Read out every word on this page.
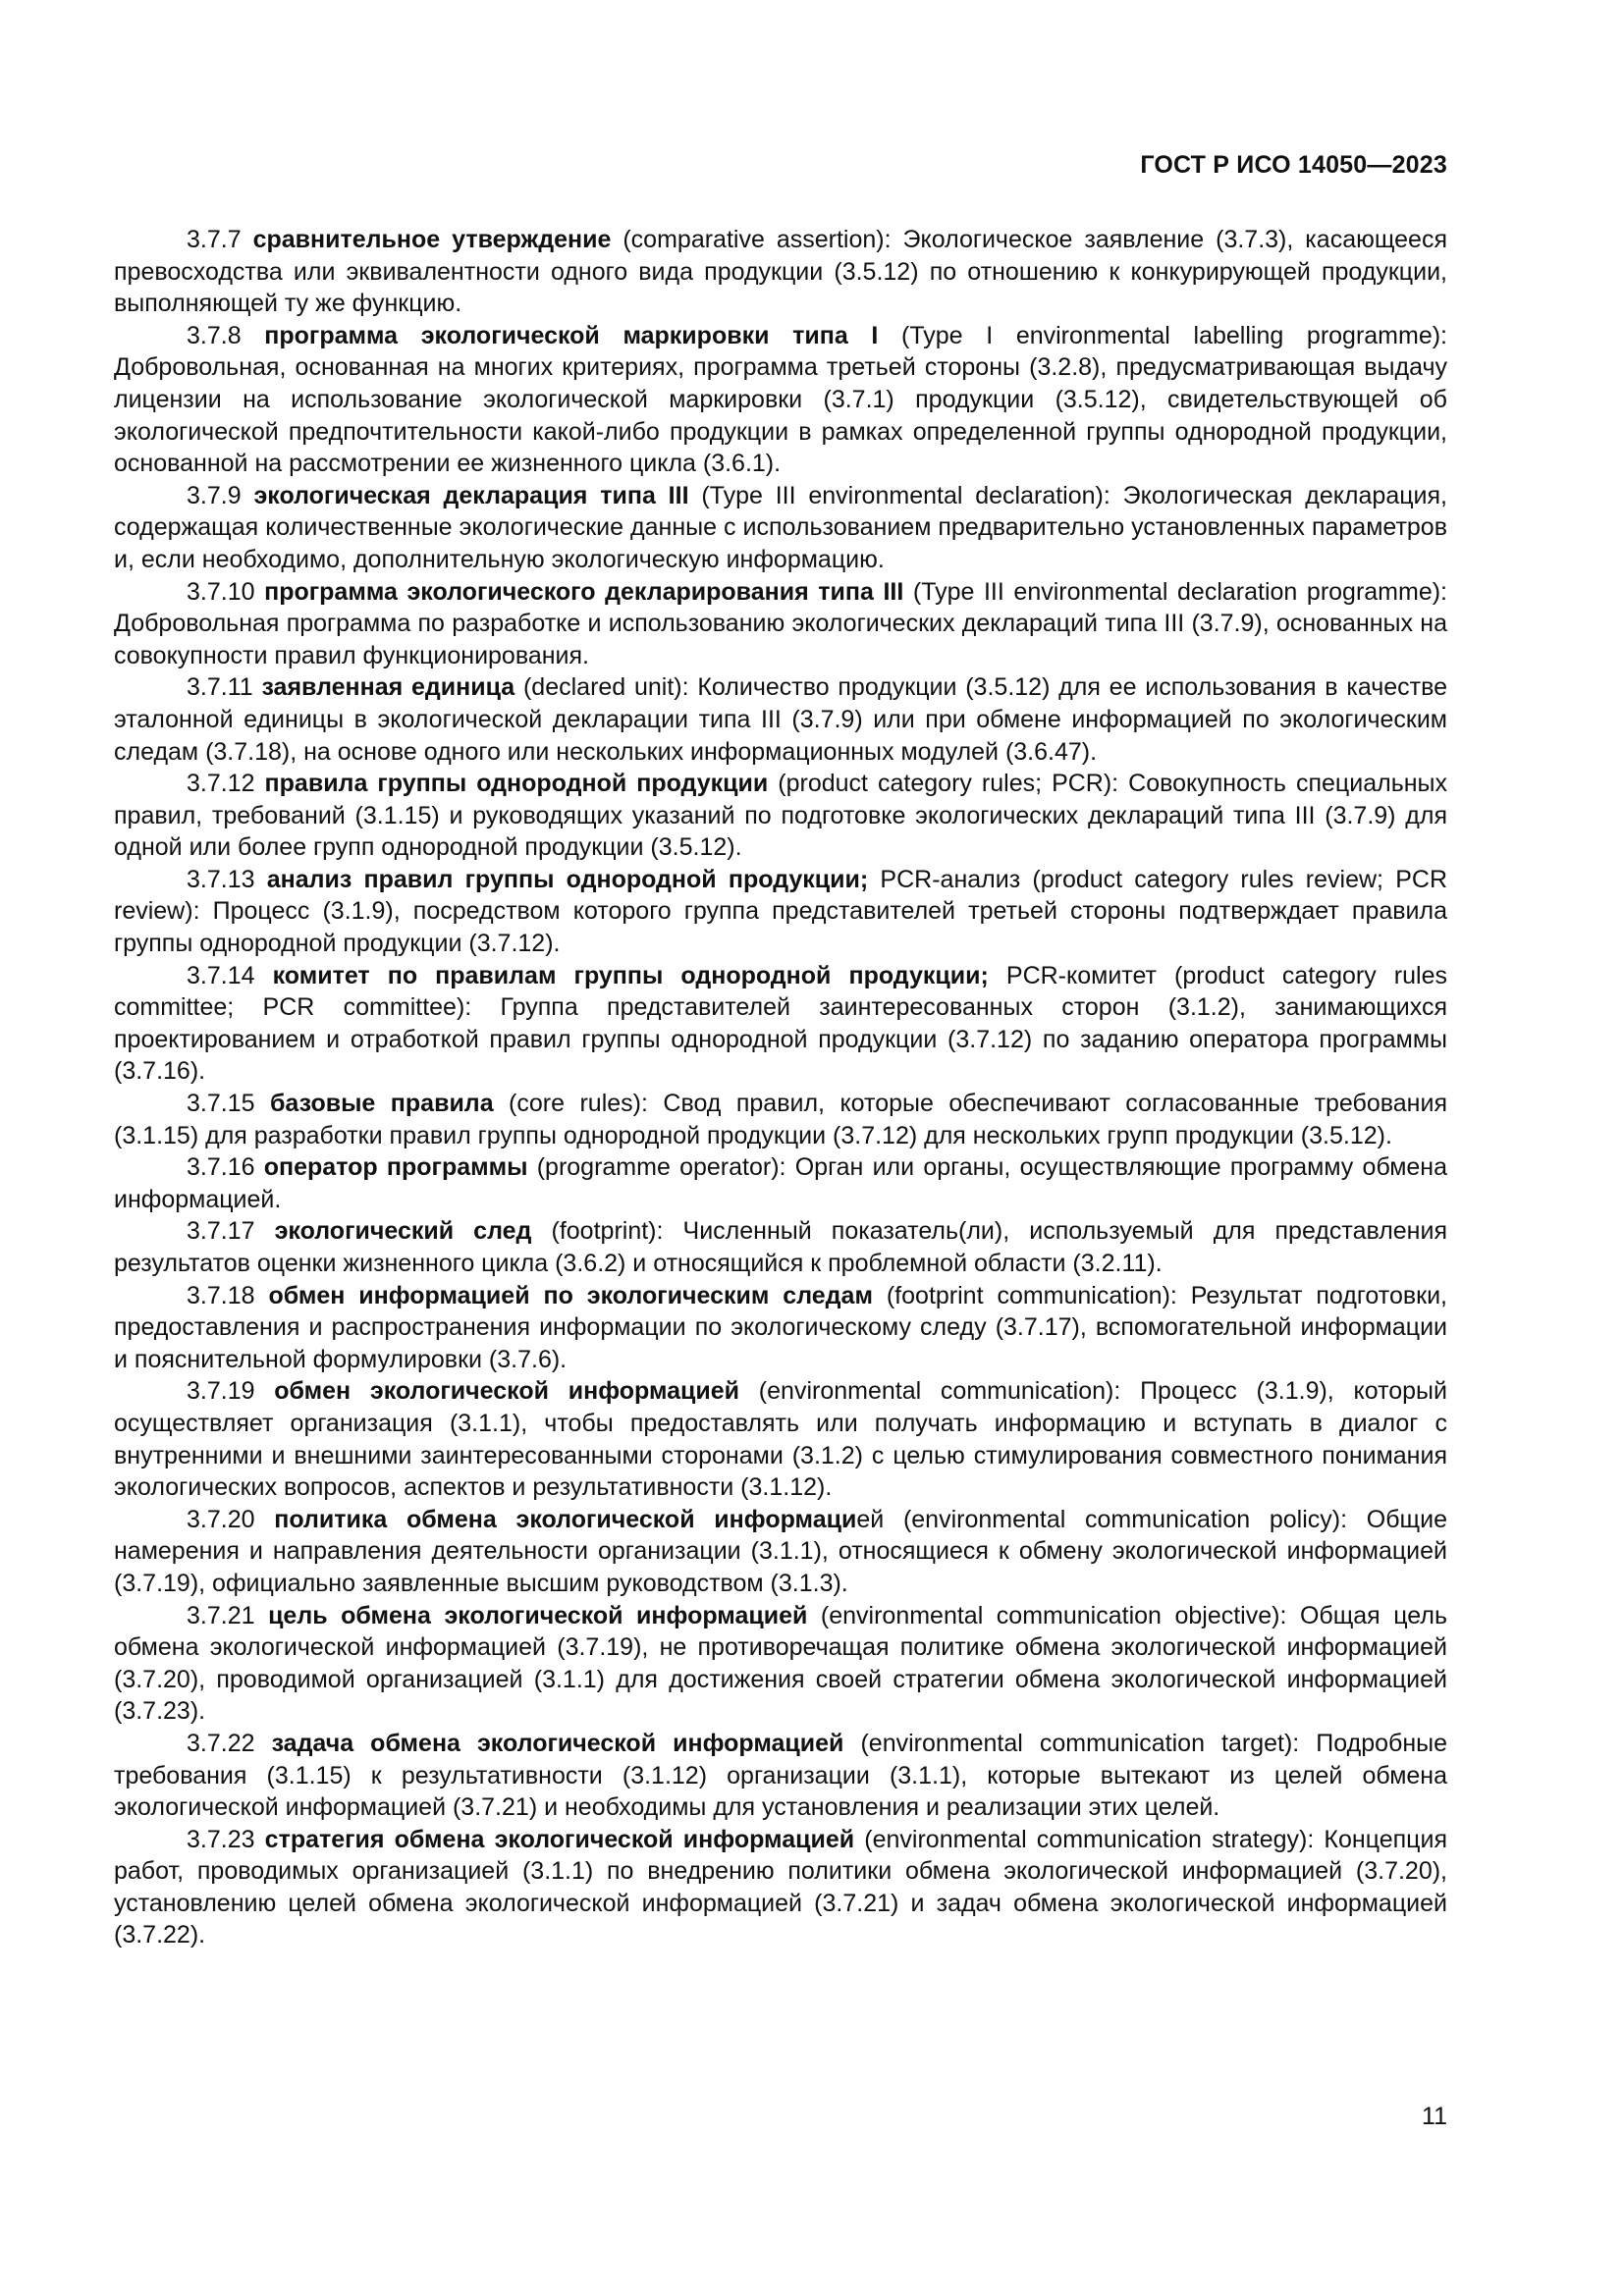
ГОСТ Р ИСО 14050—2023

3.7.7 сравнительное утверждение (comparative assertion): Экологическое заявление (3.7.3), касающееся превосходства или эквивалентности одного вида продукции (3.5.12) по отношению к конкурирующей продукции, выполняющей ту же функцию.

3.7.8 программа экологической маркировки типа I (Type I environmental labelling programme): Добровольная, основанная на многих критериях, программа третьей стороны (3.2.8), предусматривающая выдачу лицензии на использование экологической маркировки (3.7.1) продукции (3.5.12), свидетельствующей об экологической предпочтительности какой-либо продукции в рамках определенной группы однородной продукции, основанной на рассмотрении ее жизненного цикла (3.6.1).

3.7.9 экологическая декларация типа III (Type III environmental declaration): Экологическая декларация, содержащая количественные экологические данные с использованием предварительно установленных параметров и, если необходимо, дополнительную экологическую информацию.

3.7.10 программа экологического декларирования типа III (Type III environmental declaration programme): Добровольная программа по разработке и использованию экологических деклараций типа III (3.7.9), основанных на совокупности правил функционирования.

3.7.11 заявленная единица (declared unit): Количество продукции (3.5.12) для ее использования в качестве эталонной единицы в экологической декларации типа III (3.7.9) или при обмене информацией по экологическим следам (3.7.18), на основе одного или нескольких информационных модулей (3.6.47).

3.7.12 правила группы однородной продукции (product category rules; PCR): Совокупность специальных правил, требований (3.1.15) и руководящих указаний по подготовке экологических деклараций типа III (3.7.9) для одной или более групп однородной продукции (3.5.12).

3.7.13 анализ правил группы однородной продукции; PCR-анализ (product category rules review; PCR review): Процесс (3.1.9), посредством которого группа представителей третьей стороны подтверждает правила группы однородной продукции (3.7.12).

3.7.14 комитет по правилам группы однородной продукции; PCR-комитет (product category rules committee; PCR committee): Группа представителей заинтересованных сторон (3.1.2), занимающихся проектированием и отработкой правил группы однородной продукции (3.7.12) по заданию оператора программы (3.7.16).

3.7.15 базовые правила (core rules): Свод правил, которые обеспечивают согласованные требования (3.1.15) для разработки правил группы однородной продукции (3.7.12) для нескольких групп продукции (3.5.12).

3.7.16 оператор программы (programme operator): Орган или органы, осуществляющие программу обмена информацией.

3.7.17 экологический след (footprint): Численный показатель(ли), используемый для представления результатов оценки жизненного цикла (3.6.2) и относящийся к проблемной области (3.2.11).

3.7.18 обмен информацией по экологическим следам (footprint communication): Результат подготовки, предоставления и распространения информации по экологическому следу (3.7.17), вспомогательной информации и пояснительной формулировки (3.7.6).

3.7.19 обмен экологической информацией (environmental communication): Процесс (3.1.9), который осуществляет организация (3.1.1), чтобы предоставлять или получать информацию и вступать в диалог с внутренними и внешними заинтересованными сторонами (3.1.2) с целью стимулирования совместного понимания экологических вопросов, аспектов и результативности (3.1.12).

3.7.20 политика обмена экологической информацией (environmental communication policy): Общие намерения и направления деятельности организации (3.1.1), относящиеся к обмену экологической информацией (3.7.19), официально заявленные высшим руководством (3.1.3).

3.7.21 цель обмена экологической информацией (environmental communication objective): Общая цель обмена экологической информацией (3.7.19), не противоречащая политике обмена экологической информацией (3.7.20), проводимой организацией (3.1.1) для достижения своей стратегии обмена экологической информацией (3.7.23).

3.7.22 задача обмена экологической информацией (environmental communication target): Подробные требования (3.1.15) к результативности (3.1.12) организации (3.1.1), которые вытекают из целей обмена экологической информацией (3.7.21) и необходимы для установления и реализации этих целей.

3.7.23 стратегия обмена экологической информацией (environmental communication strategy): Концепция работ, проводимых организацией (3.1.1) по внедрению политики обмена экологической информацией (3.7.20), установлению целей обмена экологической информацией (3.7.21) и задач обмена экологической информацией (3.7.22).

11
